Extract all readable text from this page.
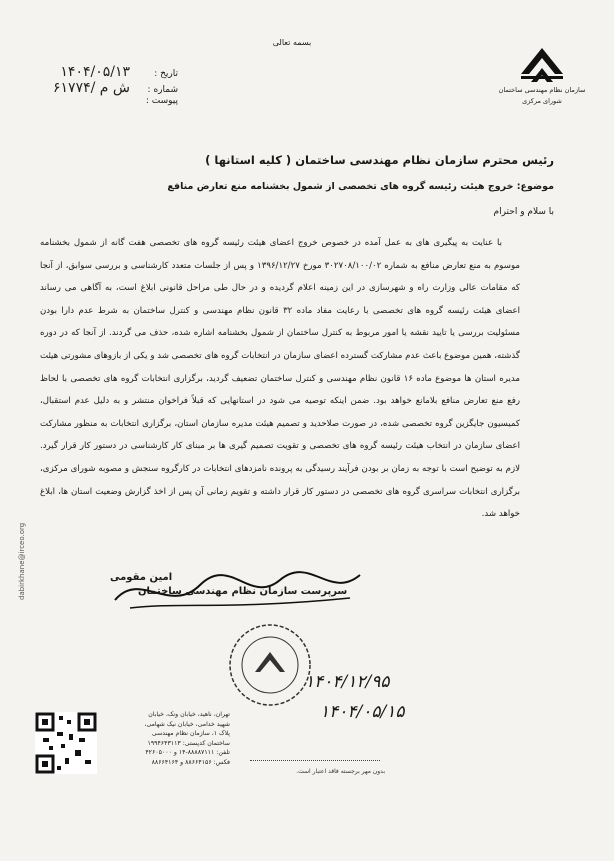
بسمه تعالی
سازمان نظام مهندسی ساختمان
شورای مرکزی
تاریخ :
۱۴۰۴/۰۵/۱۳
شماره :
۶۱۷۷۴/ ش م
پیوست :
رئیس محترم سازمان نظام مهندسی ساختمان ( کلیه استانها )
موضوع: خروج هیئت رئیسه گروه های تخصصی از شمول بخشنامه منع تعارض منافع
با سلام و احترام

با عنایت به پیگیری های به عمل آمده در خصوص خروج اعضای هیئت رئیسه گروه های تخصصی هفت گانه از شمول بخشنامه موسوم به منع تعارض منافع به شماره ۳۰۲۷۰۸/۱۰۰/۰۲ مورخ ۱۳۹۶/۱۲/۲۷ و پس از جلسات متعدد کارشناسی و بررسی سوابق، از آنجا که مقامات عالی وزارت راه و شهرسازی در این زمینه اعلام گردیده و در حال طی مراحل قانونی ابلاغ است، به آگاهی می رساند اعضای هیئت رئیسه گروه های تخصصی با رعایت مفاد ماده ۳۲ قانون نظام مهندسی و کنترل ساختمان به شرط عدم دارا بودن مسئولیت بررسی یا تایید نقشه یا امور مربوط به کنترل ساختمان از شمول بخشنامه اشاره شده، حذف می گردند. از آنجا که در دوره گذشته، همین موضوع باعث عدم مشارکت گسترده اعضای سازمان در انتخابات گروه های تخصصی شد و یکی از بازوهای مشورتی هیئت مدیره استان ها موضوع ماده ۱۶ قانون نظام مهندسی و کنترل ساختمان تضعیف گردید، برگزاری انتخابات گروه های تخصصی با لحاظ رفع منع تعارض منافع بلامانع خواهد بود. ضمن اینکه توصیه می شود در استانهایی که قبلاً فراخوان منتشر و به دلیل عدم استقبال، کمیسیون جایگزین گروه تخصصی شده، در صورت صلاحدید و تصمیم هیئت مدیره سازمان استان، برگزاری انتخابات به منظور مشارکت اعضای سازمان در انتخاب هیئت رئیسه گروه های تخصصی و تقویت تصمیم گیری ها بر مبنای کار کارشناسی در دستور کار قرار گیرد. لازم به توضیح است با توجه به زمان بر بودن فرآیند رسیدگی به پرونده نامزدهای انتخابات در کارگروه سنجش و مصوبه شورای مرکزی، برگزاری انتخابات سراسری گروه های تخصصی در دستور کار قرار داشته و تقویم زمانی آن پس از اخذ گزارش وضعیت استان ها، ابلاغ خواهد شد.

امین مقومی
سرپرست سازمان نظام مهندسی ساختمان
dabirkhane@irceo.org
۱۴۰۴/۱۲/۹۵
۱۴۰۴/۰۵/۱۵
تهران، ناهید، خیابان ونک، خیابان
شهید خدامی، خیابان نیک شهامی،
پلاک ۱، سازمان نظام مهندسی
ساختمان کدپستی: ۱۹۹۴۶۴۳۱۱۳
تلفن: ۸۸۸۸۷۱۱۱-۱۴ و ۴۲۶۰۵۰۰۰
فکس: ۸۸۶۶۴۱۵۶ و ۸۸۶۶۴۱۶۴
بدون مهر برجسته فاقد اعتبار است.
